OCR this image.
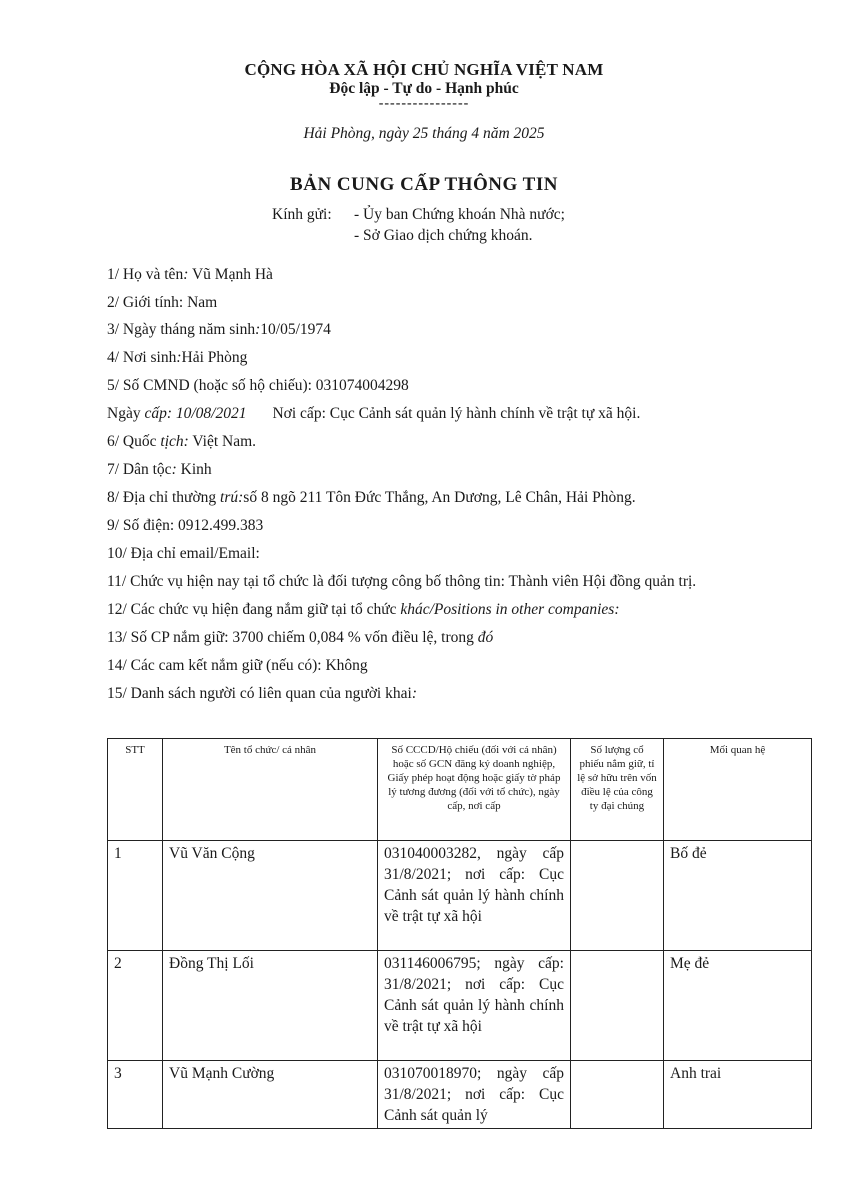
CỘNG HÒA XÃ HỘI CHỦ NGHĨA VIỆT NAM
Độc lập - Tự do - Hạnh phúc
----------------
Hải Phòng, ngày 25 tháng 4 năm 2025
BẢN CUNG CẤP THÔNG TIN
Kính gửi: - Ủy ban Chứng khoán Nhà nước;
- Sở Giao dịch chứng khoán.
1/ Họ và tên: Vũ Mạnh Hà
2/ Giới tính: Nam
3/ Ngày tháng năm sinh:10/05/1974
4/ Nơi sinh:Hải Phòng
5/ Số CMND (hoặc số hộ chiếu): 031074004298
Ngày cấp: 10/08/2021 Nơi cấp: Cục Cảnh sát quản lý hành chính về trật tự xã hội.
6/ Quốc tịch: Việt Nam.
7/ Dân tộc: Kinh
8/ Địa chỉ thường trú:số 8 ngõ 211 Tôn Đức Thắng, An Dương, Lê Chân, Hải Phòng.
9/ Số điện: 0912.499.383
10/ Địa chỉ email/Email:
11/ Chức vụ hiện nay tại tổ chức là đối tượng công bố thông tin: Thành viên Hội đồng quản trị.
12/ Các chức vụ hiện đang nắm giữ tại tổ chức khác/Positions in other companies:
13/ Số CP nắm giữ: 3700 chiếm 0,084 % vốn điều lệ, trong đó
14/ Các cam kết nắm giữ (nếu có): Không
15/ Danh sách người có liên quan của người khai:
STT	Tên tổ chức/ cá nhân	Số CCCD/Hộ chiếu (đối với cá nhân) hoặc số GCN đăng ký doanh nghiệp, Giấy phép hoạt động hoặc giấy tờ pháp lý tương đương (đối với tổ chức), ngày cấp, nơi cấp	Số lượng cổ phiếu nắm giữ, tỉ lệ sở hữu trên vốn điều lệ của công ty đại chúng	Mối quan hệ
1	Vũ Văn Cộng	031040003282, ngày cấp 31/8/2021; nơi cấp: Cục Cảnh sát quản lý hành chính về trật tự xã hội		Bố đẻ
2	Đồng Thị Lối	031146006795; ngày cấp: 31/8/2021; nơi cấp: Cục Cảnh sát quản lý hành chính về trật tự xã hội		Mẹ đẻ
3	Vũ Mạnh Cường	031070018970; ngày cấp 31/8/2021; nơi cấp: Cục Cảnh sát quản lý		Anh trai
